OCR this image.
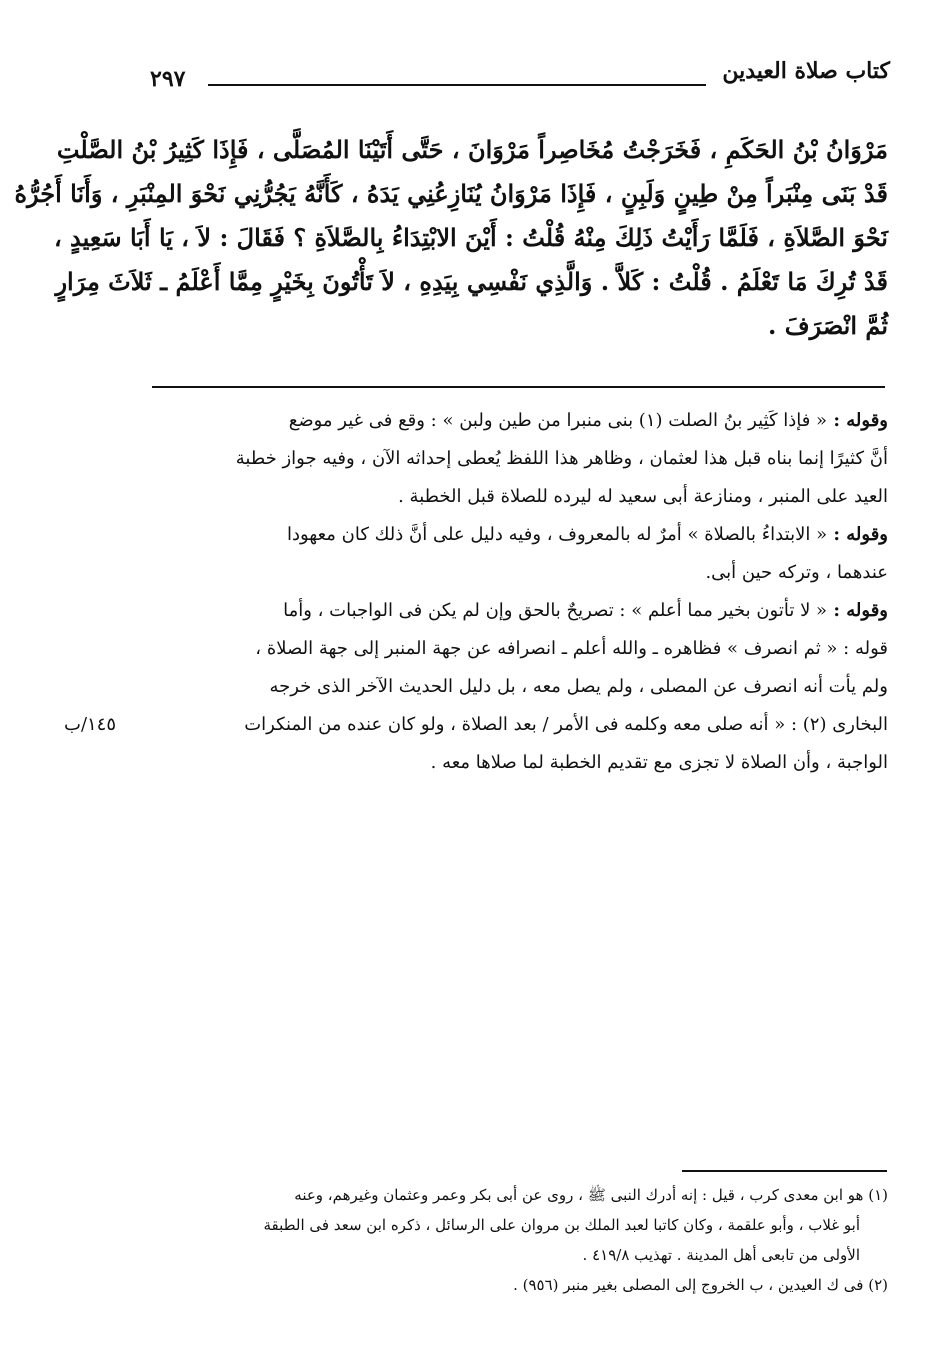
كتاب صلاة العيدين
٢٩٧
مَرْوَانُ بْنُ الحَكَمِ ، فَخَرَجْتُ مُخَاصِراً مَرْوَانَ ، حَتَّى أَتَيْنَا المُصَلَّى ، فَإِذَا كَثِيرُ بْنُ الصَّلْتِ
قَدْ بَنَى مِنْبَراً مِنْ طِينٍ وَلَبِنٍ ، فَإِذَا مَرْوَانُ يُنَازِعُنِي يَدَهُ ، كَأَنَّهُ يَجُرُّنِي نَحْوَ المِنْبَرِ ، وَأَنَا أَجُرُّهُ
نَحْوَ الصَّلاَةِ ، فَلَمَّا رَأَيْتُ ذَلِكَ مِنْهُ قُلْتُ : أَيْنَ الابْتِدَاءُ بِالصَّلاَةِ ؟ فَقَالَ : لاَ ، يَا أَبَا سَعِيدٍ ،
قَدْ تُرِكَ مَا تَعْلَمُ . قُلْتُ : كَلاَّ . وَالَّذِي نَفْسِي بِيَدِهِ ، لاَ تَأْتُونَ بِخَيْرٍ مِمَّا أَعْلَمُ ـ ثَلاَثَ مِرَارٍ
ثُمَّ انْصَرَفَ .
وقوله : « فإذا كَثِير بنُ الصلت (١) بنى منبرا من طين ولبن » : وقع فى غير موضع
أنَّ كثيرًا إنما بناه قبل هذا لعثمان ، وظاهر هذا اللفظ يُعطى إحداثه الآن ، وفيه جواز خطبة
العيد على المنبر ، ومنازعة أبى سعيد له ليرده للصلاة قبل الخطبة .
وقوله : « الابتداءُ بالصلاة » أمرٌ له بالمعروف ، وفيه دليل على أنَّ ذلك كان معهودا
عندهما ، وتركه حين أبى.
وقوله : « لا تأتون بخير مما أعلم » : تصريحٌ بالحق وإن لم يكن فى الواجبات ، وأما
قوله : « ثم انصرف » فظاهره ـ والله أعلم ـ انصرافه عن جهة المنبر إلى جهة الصلاة ،
ولم يأت أنه انصرف عن المصلى ، ولم يصل معه ، بل دليل الحديث الآخر الذى خرجه
البخارى (٢) : « أنه صلى معه وكلمه فى الأمر / بعد الصلاة ، ولو كان عنده من المنكرات
الواجبة ، وأن الصلاة لا تجزى مع تقديم الخطبة لما صلاها معه .
١٤٥/ب
(١) هو ابن معدى كرب ، قيل : إنه أدرك النبى ﷺ ، روى عن أبى بكر وعمر وعثمان وغيرهم، وعنه
أبو غلاب ، وأبو علقمة ، وكان كاتبا لعبد الملك بن مروان على الرسائل ، ذكره ابن سعد فى الطبقة
الأولى من تابعى أهل المدينة . تهذيب ٤١٩/٨ .
(٢) فى ك العيدين ، ب الخروج إلى المصلى بغير منبر (٩٥٦) .
